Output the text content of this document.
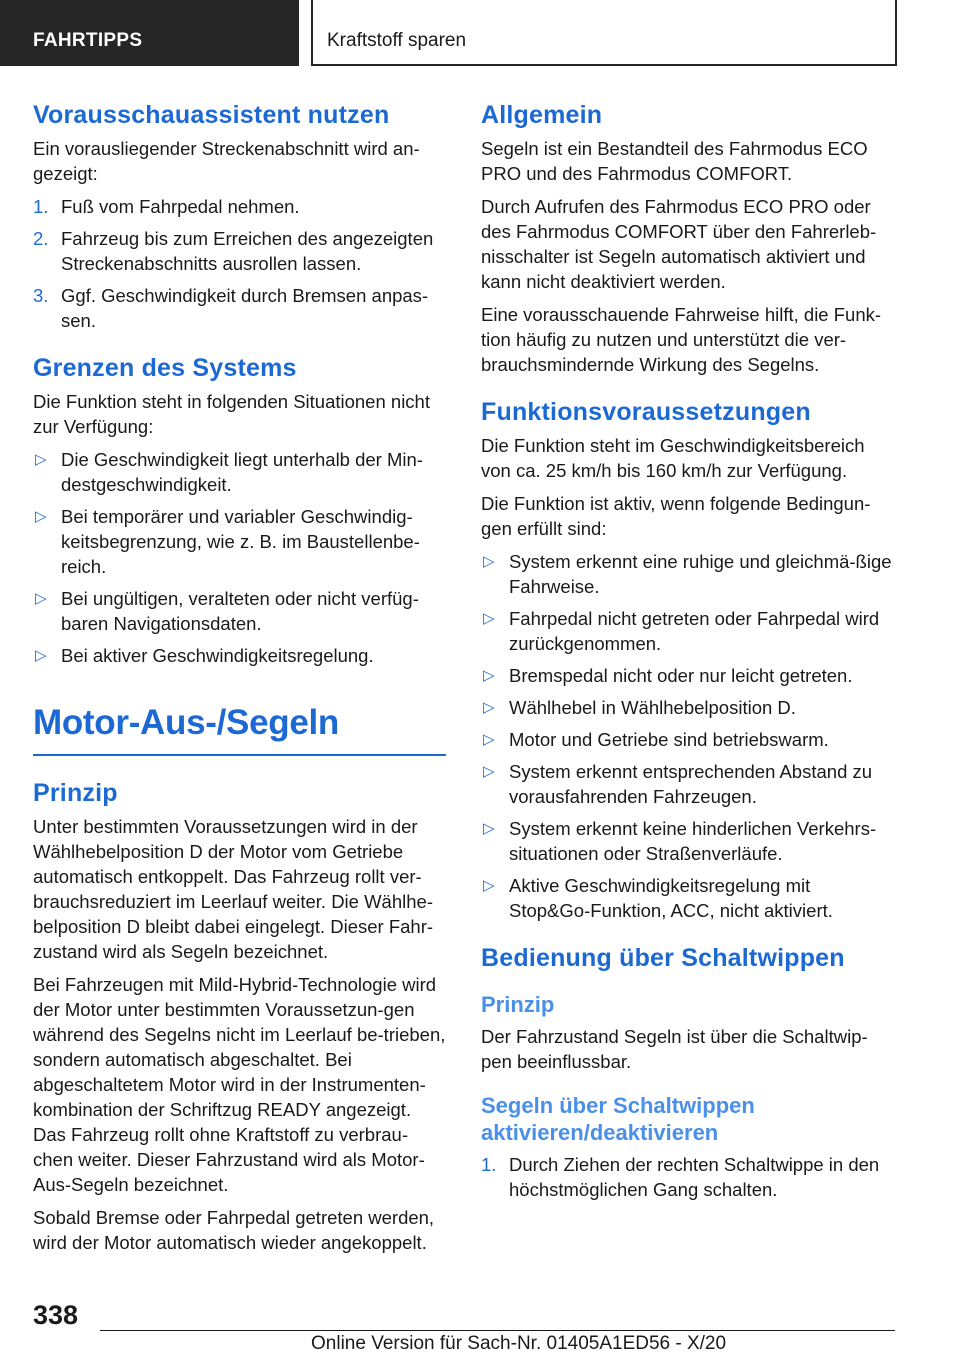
FAHRTIPPS	Kraftstoff sparen
Vorausschauassistent nutzen

Ein vorausliegender Streckenabschnitt wird an-gezeigt:

1. Fuß vom Fahrpedal nehmen.
2. Fahrzeug bis zum Erreichen des angezeigten Streckenabschnitts ausrollen lassen.
3. Ggf. Geschwindigkeit durch Bremsen anpas-sen.
Grenzen des Systems

Die Funktion steht in folgenden Situationen nicht zur Verfügung:

▷ Die Geschwindigkeit liegt unterhalb der Min-destgeschwindigkeit.
▷ Bei temporärer und variabler Geschwindig-keitsbegrenzung, wie z. B. im Baustellenbe-reich.
▷ Bei ungültigen, veralteten oder nicht verfüg-baren Navigationsdaten.
▷ Bei aktiver Geschwindigkeitsregelung.
Motor-Aus-/Segeln
Prinzip

Unter bestimmten Voraussetzungen wird in der Wählhebelposition D der Motor vom Getriebe automatisch entkoppelt. Das Fahrzeug rollt ver-brauchsreduziert im Leerlauf weiter. Die Wählhe-belposition D bleibt dabei eingelegt. Dieser Fahr-zustand wird als Segeln bezeichnet.

Bei Fahrzeugen mit Mild-Hybrid-Technologie wird der Motor unter bestimmten Voraussetzun-gen während des Segelns nicht im Leerlauf be-trieben, sondern automatisch abgeschaltet. Bei abgeschaltetem Motor wird in der Instrumenten-kombination der Schriftzug READY angezeigt. Das Fahrzeug rollt ohne Kraftstoff zu verbrau-chen weiter. Dieser Fahrzustand wird als Motor-Aus-Segeln bezeichnet.

Sobald Bremse oder Fahrpedal getreten werden, wird der Motor automatisch wieder angekoppelt.

Allgemein

Segeln ist ein Bestandteil des Fahrmodus ECO PRO und des Fahrmodus COMFORT.

Durch Aufrufen des Fahrmodus ECO PRO oder des Fahrmodus COMFORT über den Fahrerleb-nisschalter ist Segeln automatisch aktiviert und kann nicht deaktiviert werden.

Eine vorausschauende Fahrweise hilft, die Funk-tion häufig zu nutzen und unterstützt die ver-brauchsmindernde Wirkung des Segelns.

Funktionsvoraussetzungen

Die Funktion steht im Geschwindigkeitsbereich von ca. 25 km/h bis 160 km/h zur Verfügung.

Die Funktion ist aktiv, wenn folgende Bedingun-gen erfüllt sind:

▷ System erkennt eine ruhige und gleichmä-ßige Fahrweise.
▷ Fahrpedal nicht getreten oder Fahrpedal wird zurückgenommen.
▷ Bremspedal nicht oder nur leicht getreten.
▷ Wählhebel in Wählhebelposition D.
▷ Motor und Getriebe sind betriebswarm.
▷ System erkennt entsprechenden Abstand zu vorausfahrenden Fahrzeugen.
▷ System erkennt keine hinderlichen Verkehrs-situationen oder Straßenverläufe.
▷ Aktive Geschwindigkeitsregelung mit Stop&Go-Funktion, ACC, nicht aktiviert.
Bedienung über Schaltwippen
Prinzip

Der Fahrzustand Segeln ist über die Schaltwip-pen beeinflussbar.

Segeln über Schaltwippen aktivieren/deaktivieren
1. Durch Ziehen der rechten Schaltwippe in den höchstmöglichen Gang schalten.
338
Online Version für Sach-Nr. 01405A1ED56 - X/20
